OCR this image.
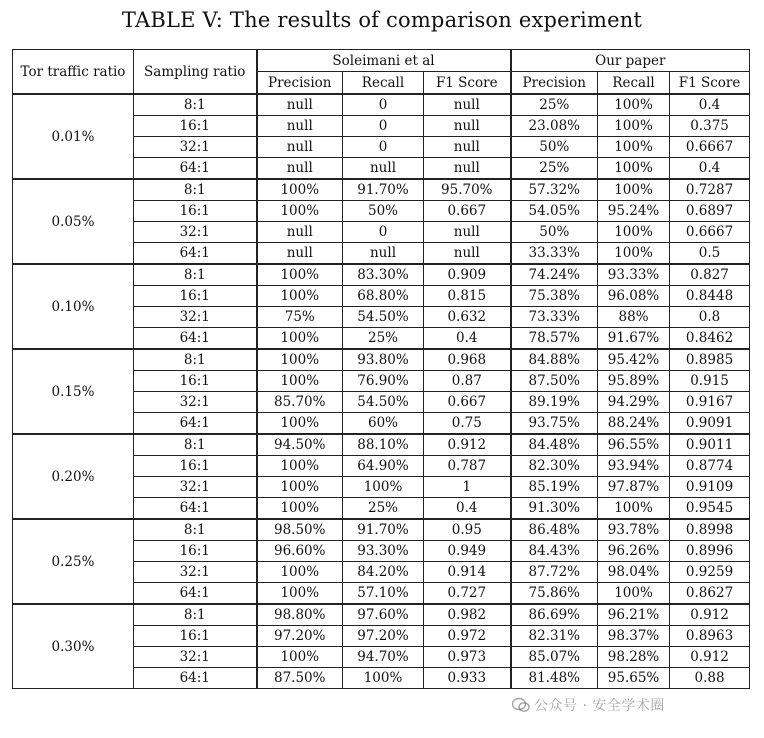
TABLE V: The results of comparison experiment
Tor traffic ratio	Sampling ratio	Soleimani et al			Our paper		
		Precision	Recall	F1 Score	Precision	Recall	F1 Score
0.01%	8:1	null	0	null	25%	100%	0.4
	16:1	null	0	null	23.08%	100%	0.375
	32:1	null	0	null	50%	100%	0.6667
	64:1	null	null	null	25%	100%	0.4
0.05%	8:1	100%	91.70%	95.70%	57.32%	100%	0.7287
	16:1	100%	50%	0.667	54.05%	95.24%	0.6897
	32:1	null	0	null	50%	100%	0.6667
	64:1	null	null	null	33.33%	100%	0.5
0.10%	8:1	100%	83.30%	0.909	74.24%	93.33%	0.827
	16:1	100%	68.80%	0.815	75.38%	96.08%	0.8448
	32:1	75%	54.50%	0.632	73.33%	88%	0.8
	64:1	100%	25%	0.4	78.57%	91.67%	0.8462
0.15%	8:1	100%	93.80%	0.968	84.88%	95.42%	0.8985
	16:1	100%	76.90%	0.87	87.50%	95.89%	0.915
	32:1	85.70%	54.50%	0.667	89.19%	94.29%	0.9167
	64:1	100%	60%	0.75	93.75%	88.24%	0.9091
0.20%	8:1	94.50%	88.10%	0.912	84.48%	96.55%	0.9011
	16:1	100%	64.90%	0.787	82.30%	93.94%	0.8774
	32:1	100%	100%	1	85.19%	97.87%	0.9109
	64:1	100%	25%	0.4	91.30%	100%	0.9545
0.25%	8:1	98.50%	91.70%	0.95	86.48%	93.78%	0.8998
	16:1	96.60%	93.30%	0.949	84.43%	96.26%	0.8996
	32:1	100%	84.20%	0.914	87.72%	98.04%	0.9259
	64:1	100%	57.10%	0.727	75.86%	100%	0.8627
0.30%	8:1	98.80%	97.60%	0.982	86.69%	96.21%	0.912
	16:1	97.20%	97.20%	0.972	82.31%	98.37%	0.8963
	32:1	100%	94.70%	0.973	85.07%	98.28%	0.912
	64:1	87.50%	100%	0.933	81.48%	95.65%	0.88
公众号 · 安全学术圈
